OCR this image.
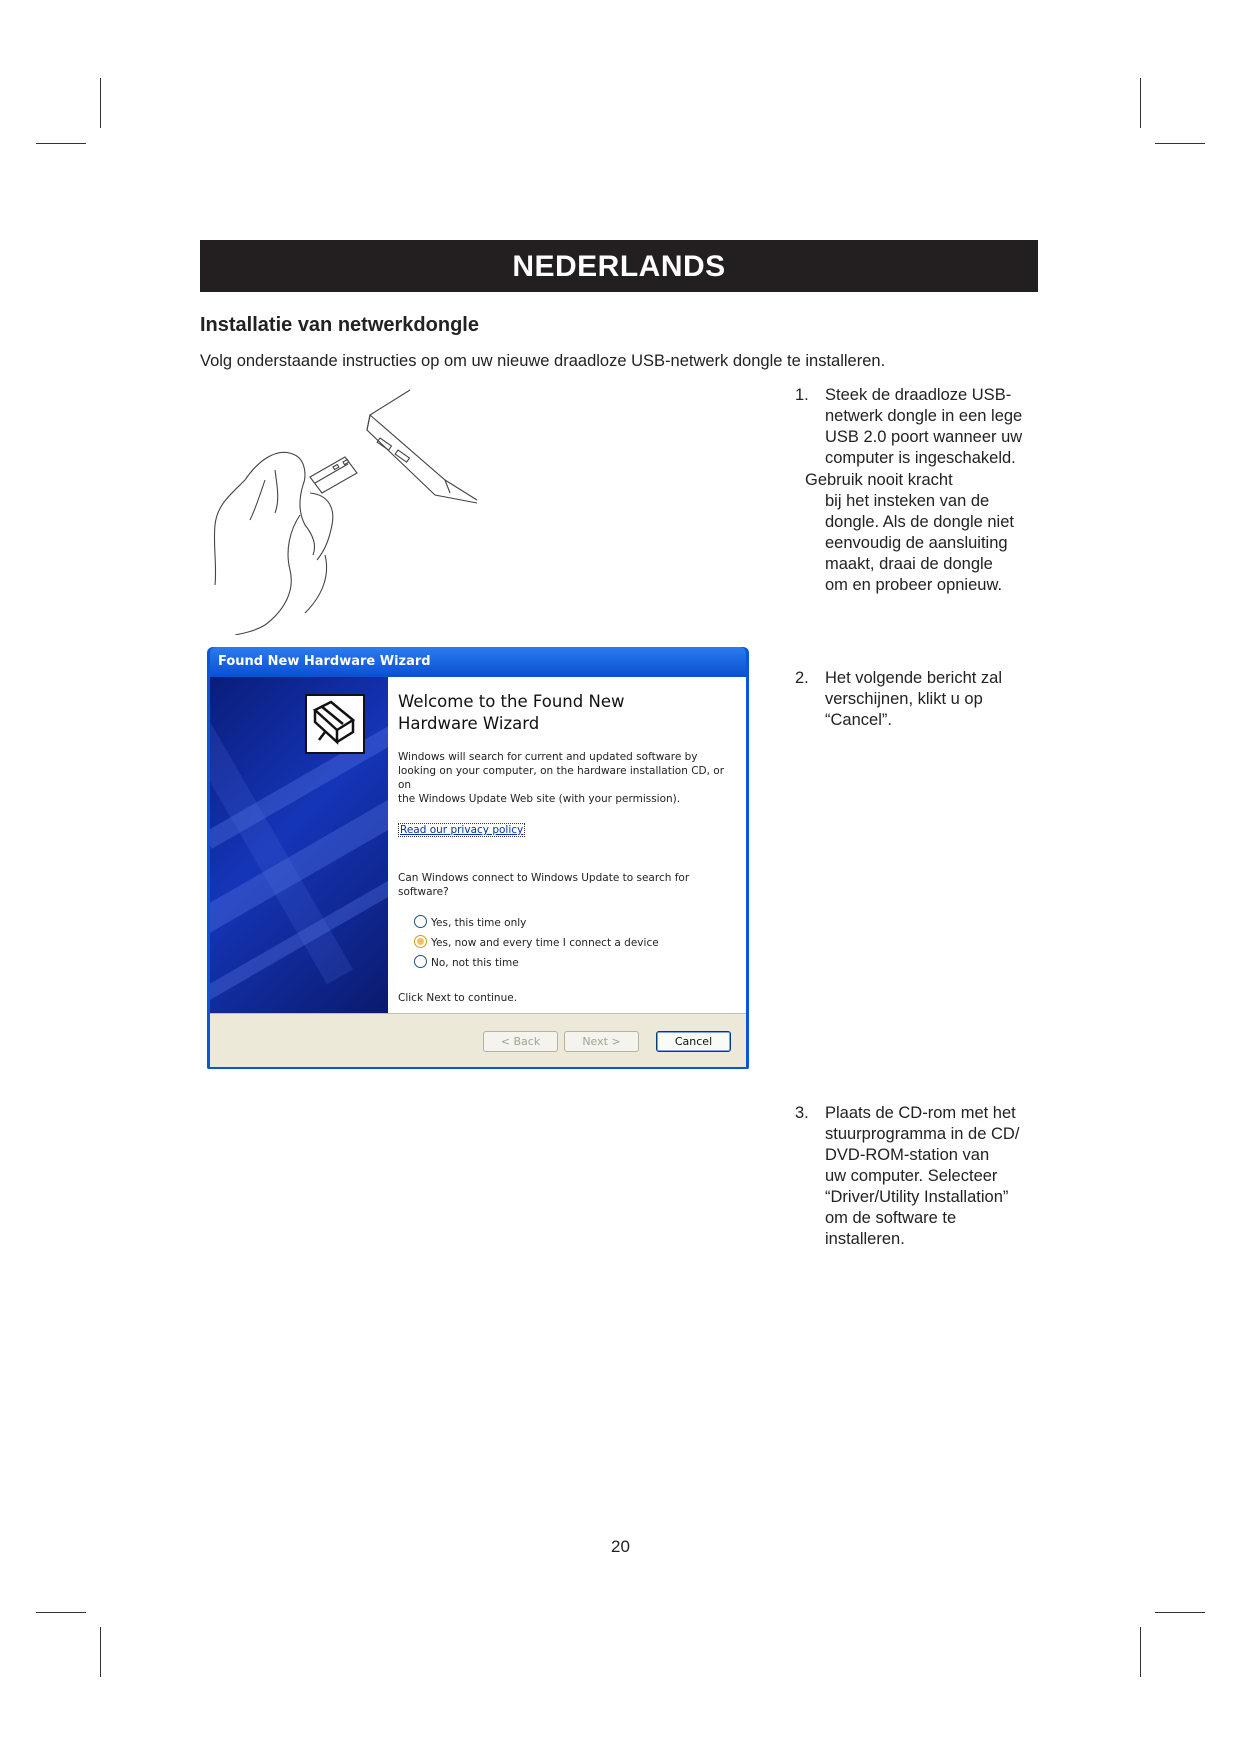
NEDERLANDS
Installatie van netwerkdongle
Volg onderstaande instructies op om uw nieuwe draadloze USB-netwerk dongle te installeren.
1. Steek de draadloze USB-
netwerk dongle in een lege
USB 2.0 poort wanneer uw
computer is ingeschakeld.
Gebruik nooit kracht
bij het insteken van de
dongle. Als de dongle niet
eenvoudig de aansluiting
maakt, draai de dongle
om en probeer opnieuw.
Found New Hardware Wizard
Welcome to the Found New
Hardware Wizard
Windows will search for current and updated software by
looking on your computer, on the hardware installation CD, or on
the Windows Update Web site (with your permission).
Read our privacy policy
Can Windows connect to Windows Update to search for
software?
Yes, this time only
Yes, now and every time I connect a device
No, not this time
Click Next to continue.
< Back	Next >	Cancel
2. Het volgende bericht zal
verschijnen, klikt u op
“Cancel”.
3. Plaats de CD-rom met het
stuurprogramma in de CD/
DVD-ROM-station van
uw computer. Selecteer
“Driver/Utility Installation”
om de software te
installeren.
20
